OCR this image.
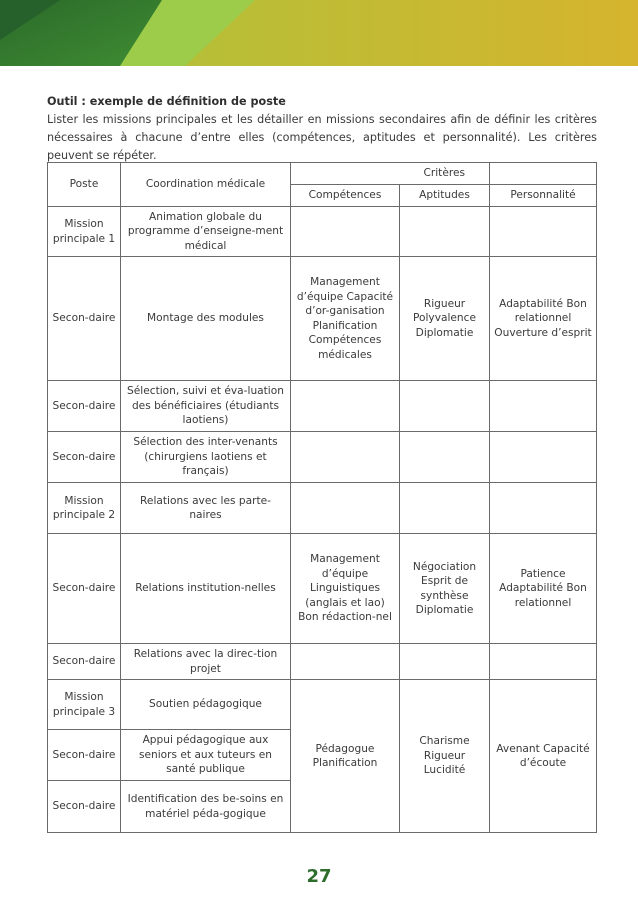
Outil : exemple de définition de poste
Lister les missions principales et les détailler en missions secondaires afin de définir les critères nécessaires à chacune d’entre elles (compétences, aptitudes et personnalité). Les critères peuvent se répéter.
Poste	Coordination médicale		Critères	
		Compétences	Aptitudes	Personnalité
Mission principale 1	Animation globale du programme d’enseigne-ment médical			
Secon-daire	Montage des modules	Management d’équipe Capacité d’or-ganisation Planification Compétences médicales	Rigueur Polyvalence Diplomatie	Adaptabilité Bon relationnel Ouverture d’esprit
Secon-daire	Sélection, suivi et éva-luation des bénéficiaires (étudiants laotiens)			
Secon-daire	Sélection des inter-venants (chirurgiens laotiens et français)			
Mission principale 2	Relations avec les parte-naires			
Secon-daire	Relations institution-nelles	Management d’équipe Linguistiques (anglais et lao) Bon rédaction-nel	Négociation Esprit de synthèse Diplomatie	Patience Adaptabilité Bon relationnel
Secon-daire	Relations avec la direc-tion projet			
Mission principale 3	Soutien pédagogique	Pédagogue Planification	Charisme Rigueur Lucidité	Avenant Capacité d’écoute
Secon-daire	Appui pédagogique aux seniors et aux tuteurs en santé publique			
Secon-daire	Identification des be-soins en matériel péda-gogique			
27
